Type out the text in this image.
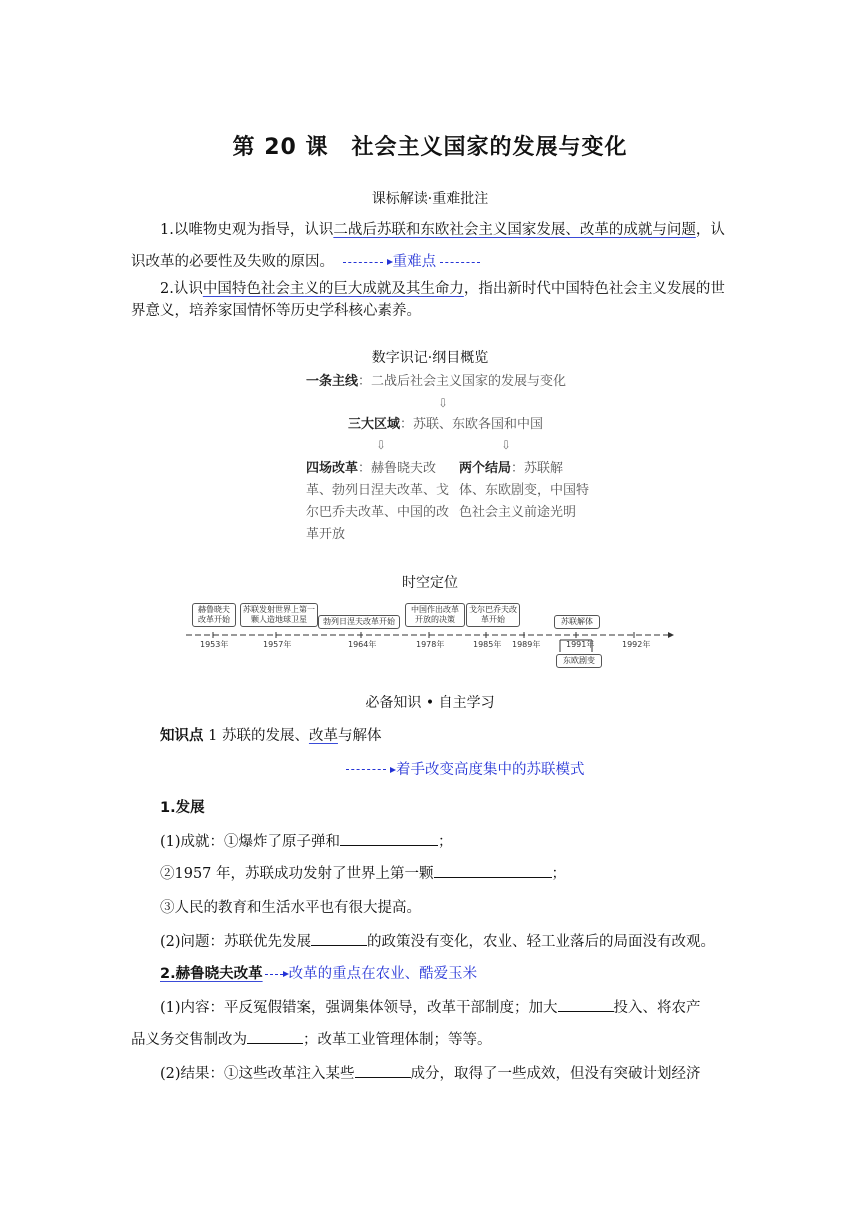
第 20 课　社会主义国家的发展与变化
课标解读·重难批注
1.以唯物史观为指导，认识二战后苏联和东欧社会主义国家发展、改革的成就与问题，认识改革的必要性及失败的原因。	重难点
2.认识中国特色社会主义的巨大成就及其生命力，指出新时代中国特色社会主义发展的世界意义，培养家国情怀等历史学科核心素养。
数字识记·纲目概览
一条主线：二战后社会主义国家的发展与变化
⇩
三大区域：苏联、东欧各国和中国
⇩	⇩
四场改革：赫鲁晓夫改革、勃列日涅夫改革、戈尔巴乔夫改革、中国的改革开放
两个结局：苏联解体、东欧剧变，中国特色社会主义前途光明
时空定位
赫鲁晓夫改革开始
苏联发射世界上第一颗人造地球卫星	勃列日涅夫改革开始
中国作出改革开放的决策
戈尔巴乔夫改革开始	苏联解体
东欧剧变
1953年	1957年	1964年	1978年	1985年 1989年	1991年	1992年
必备知识 • 自主学习
知识点 1 苏联的发展、改革与解体
着手改变高度集中的苏联模式
1.发展
(1)成就：①爆炸了原子弹和	；
②1957 年，苏联成功发射了世界上第一颗	；
③人民的教育和生活水平也有很大提高。
(2)问题：苏联优先发展	的政策没有变化，农业、轻工业落后的局面没有改观。
2.赫鲁晓夫改革 改革的重点在农业、酷爱玉米
(1)内容：平反冤假错案，强调集体领导，改革干部制度；加大	投入、将农产
品义务交售制改为	；改革工业管理体制；等等。
(2)结果：①这些改革注入某些	成分，取得了一些成效，但没有突破计划经济
